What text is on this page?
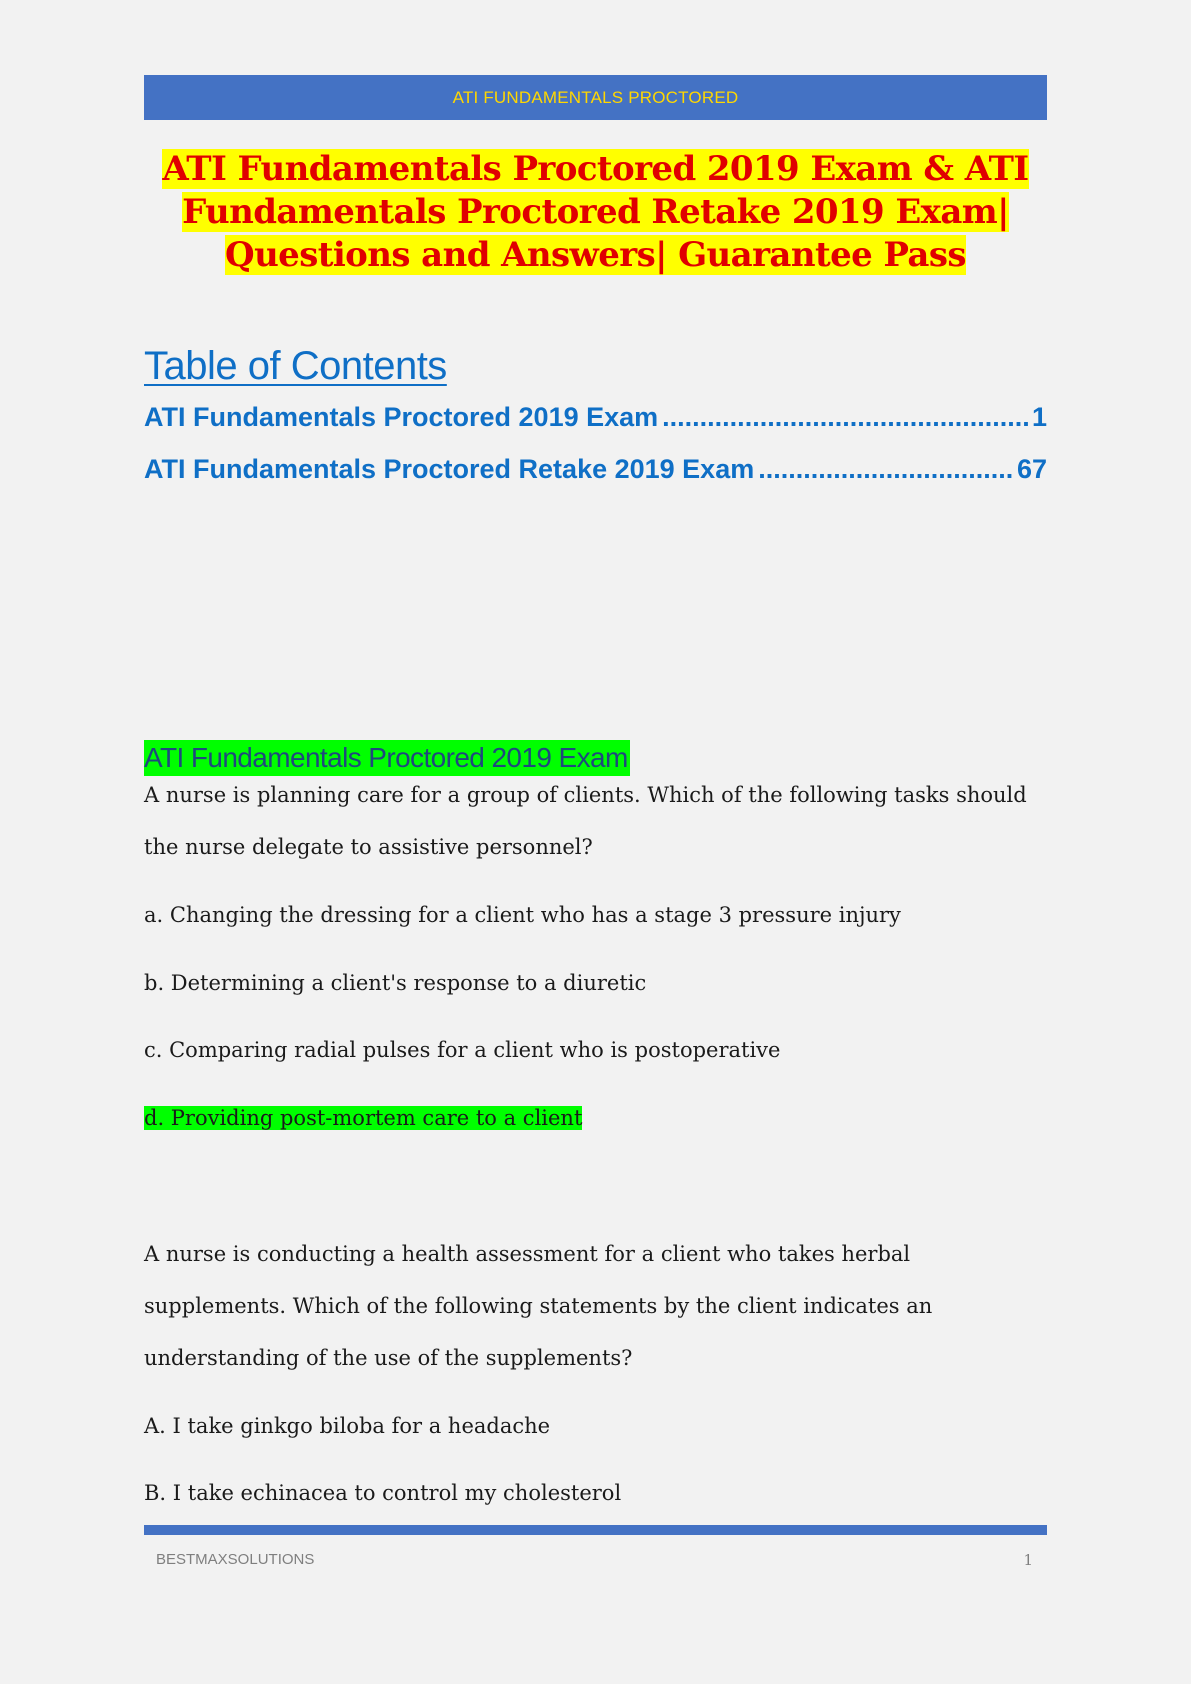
ATI FUNDAMENTALS PROCTORED
ATI Fundamentals Proctored 2019 Exam & ATI
Fundamentals Proctored Retake 2019 Exam|
Questions and Answers| Guarantee Pass
Table of Contents
ATI Fundamentals Proctored 2019 Exam .....	1
ATI Fundamentals Proctored Retake 2019 Exam .....	67
ATI Fundamentals Proctored 2019 Exam
A nurse is planning care for a group of clients. Which of the following tasks should the nurse delegate to assistive personnel?
a. Changing the dressing for a client who has a stage 3 pressure injury
b. Determining a client's response to a diuretic
c. Comparing radial pulses for a client who is postoperative
d. Providing post-mortem care to a client
A nurse is conducting a health assessment for a client who takes herbal supplements. Which of the following statements by the client indicates an understanding of the use of the supplements?
A. I take ginkgo biloba for a headache
B. I take echinacea to control my cholesterol
BESTMAXSOLUTIONS	1
